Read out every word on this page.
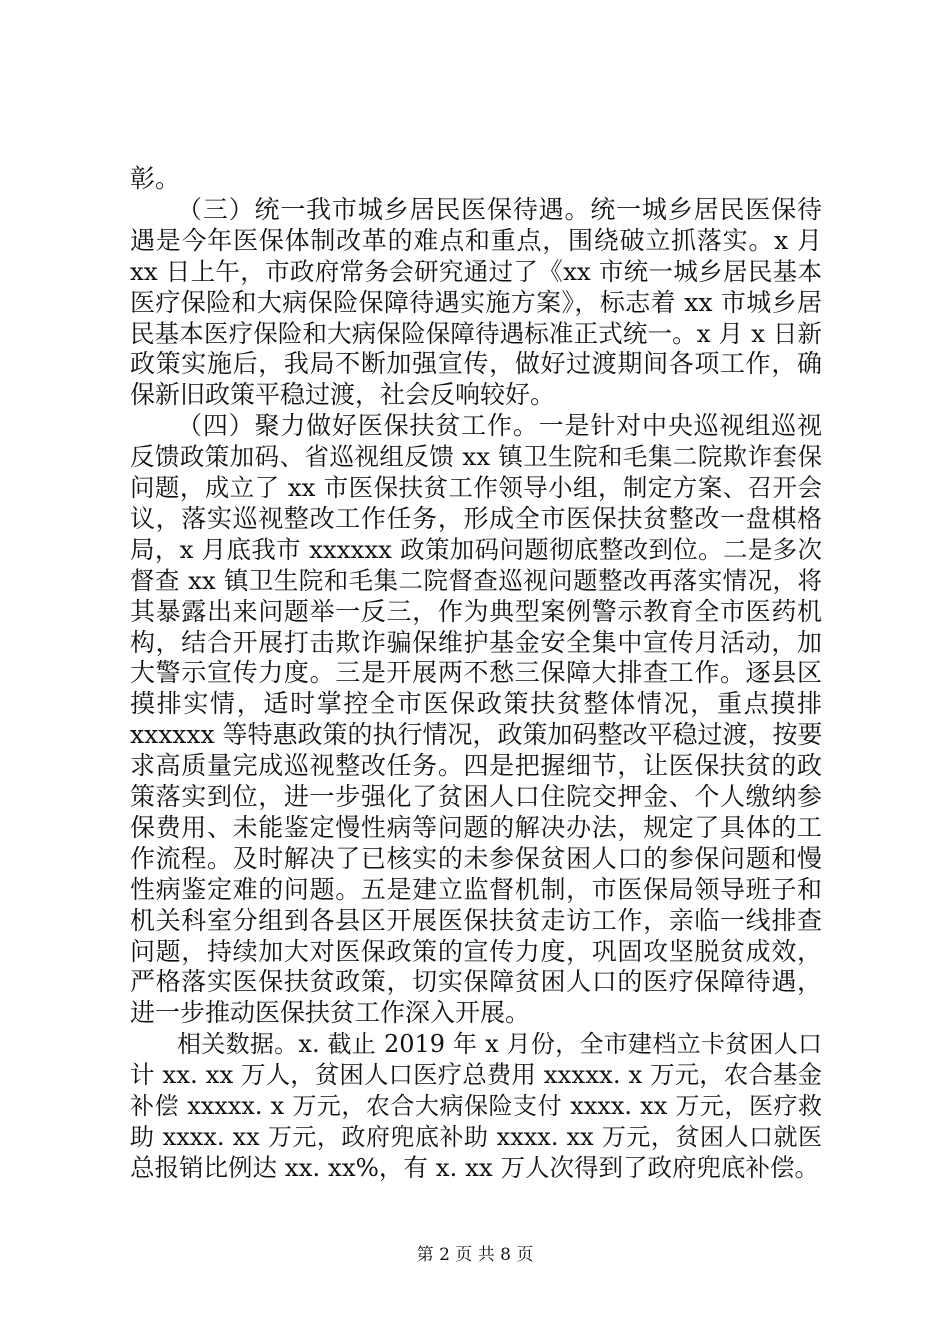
彰。
（三）统一我市城乡居民医保待遇。统一城乡居民医保待
遇是今年医保体制改革的难点和重点，围绕破立抓落实。x 月
xx 日上午，市政府常务会研究通过了《xx 市统一城乡居民基本
医疗保险和大病保险保障待遇实施方案》，标志着 xx 市城乡居
民基本医疗保险和大病保险保障待遇标准正式统一。x 月 x 日新
政策实施后，我局不断加强宣传，做好过渡期间各项工作，确
保新旧政策平稳过渡，社会反响较好。
（四）聚力做好医保扶贫工作。一是针对中央巡视组巡视
反馈政策加码、省巡视组反馈 xx 镇卫生院和毛集二院欺诈套保
问题，成立了 xx 市医保扶贫工作领导小组，制定方案、召开会
议，落实巡视整改工作任务，形成全市医保扶贫整改一盘棋格
局，x 月底我市 xxxxxx 政策加码问题彻底整改到位。二是多次
督查 xx 镇卫生院和毛集二院督查巡视问题整改再落实情况，将
其暴露出来问题举一反三，作为典型案例警示教育全市医药机
构，结合开展打击欺诈骗保维护基金安全集中宣传月活动，加
大警示宣传力度。三是开展两不愁三保障大排查工作。逐县区
摸排实情，适时掌控全市医保政策扶贫整体情况，重点摸排
xxxxxx 等特惠政策的执行情况，政策加码整改平稳过渡，按要
求高质量完成巡视整改任务。四是把握细节，让医保扶贫的政
策落实到位，进一步强化了贫困人口住院交押金、个人缴纳参
保费用、未能鉴定慢性病等问题的解决办法，规定了具体的工
作流程。及时解决了已核实的未参保贫困人口的参保问题和慢
性病鉴定难的问题。五是建立监督机制，市医保局领导班子和
机关科室分组到各县区开展医保扶贫走访工作，亲临一线排查
问题，持续加大对医保政策的宣传力度，巩固攻坚脱贫成效，
严格落实医保扶贫政策，切实保障贫困人口的医疗保障待遇，
进一步推动医保扶贫工作深入开展。
相关数据。x. 截止 2019 年 x 月份，全市建档立卡贫困人口
计 xx. xx 万人，贫困人口医疗总费用 xxxxx. x 万元，农合基金
补偿 xxxxx. x 万元，农合大病保险支付 xxxx. xx 万元，医疗救
助 xxxx. xx 万元，政府兜底补助 xxxx. xx 万元，贫困人口就医
总报销比例达 xx. xx%，有 x. xx 万人次得到了政府兜底补偿。
第 2 页 共 8 页
